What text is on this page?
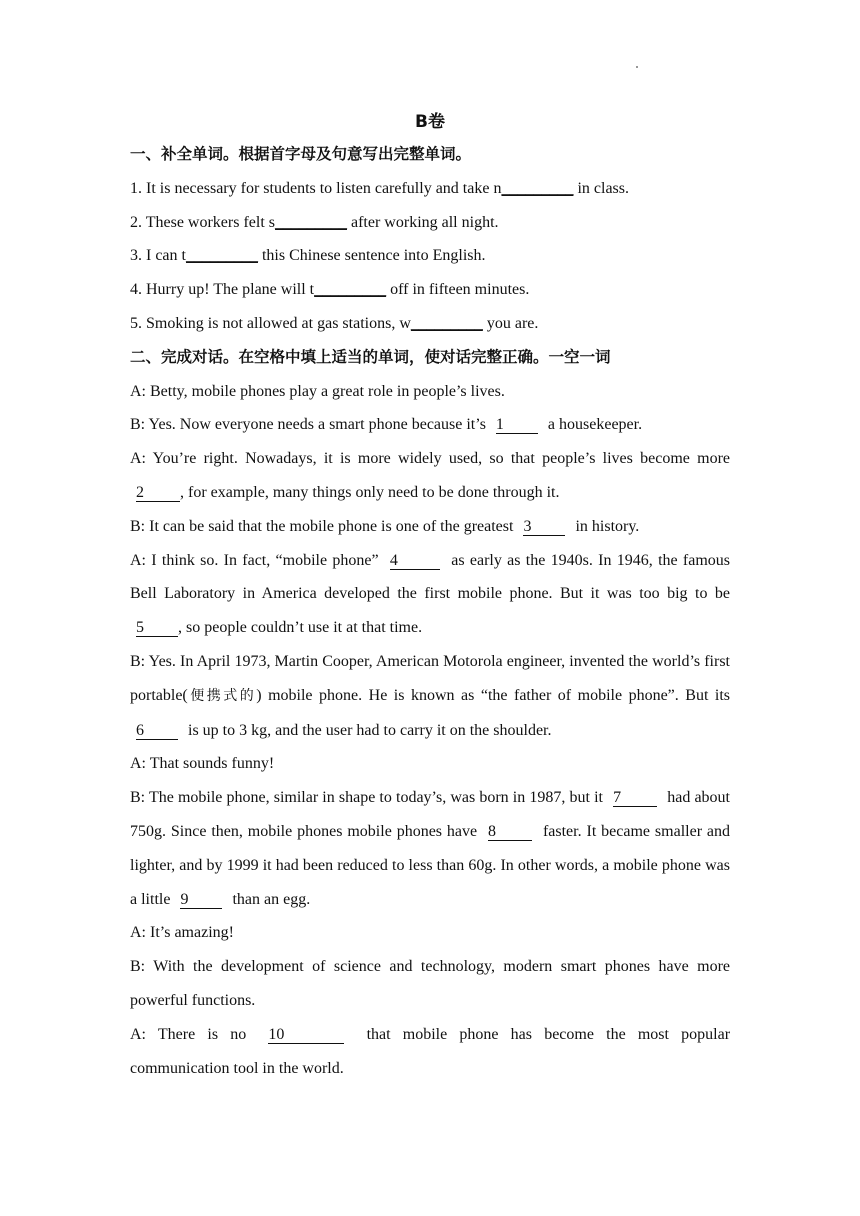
B卷
一、补全单词。根据首字母及句意写出完整单词。
1. It is necessary for students to listen carefully and take n_________ in class.
2. These workers felt s_________ after working all night.
3. I can t_________ this Chinese sentence into English.
4. Hurry up! The plane will t_________ off in fifteen minutes.
5. Smoking is not allowed at gas stations, w_________ you are.
二、完成对话。在空格中填上适当的单词，使对话完整正确。一空一词
A: Betty, mobile phones play a great role in people’s lives.
B: Yes. Now everyone needs a smart phone because it’s 1	a housekeeper.
A: You’re right. Nowadays, it is more widely used, so that people’s lives become more 2 , for example, many things only need to be done through it.
B: It can be said that the mobile phone is one of the greatest 3	in history.
A: I think so. In fact, “mobile phone” 4	as early as the 1940s. In 1946, the famous Bell Laboratory in America developed the first mobile phone. But it was too big to be 5 , so people couldn’t use it at that time.
B: Yes. In April 1973, Martin Cooper, American Motorola engineer, invented the world’s first portable(便携式的) mobile phone. He is known as “the father of mobile phone”. But its 6	is up to 3 kg, and the user had to carry it on the shoulder.
A: That sounds funny!
B: The mobile phone, similar in shape to today’s, was born in 1987, but it 7	had about 750g. Since then, mobile phones mobile phones have 8	faster. It became smaller and lighter, and by 1999 it had been reduced to less than 60g. In other words, a mobile phone was a little 9	than an egg.
A: It’s amazing!
B: With the development of science and technology, modern smart phones have more powerful functions.
A: There is no 10	that mobile phone has become the most popular communication tool in the world.
